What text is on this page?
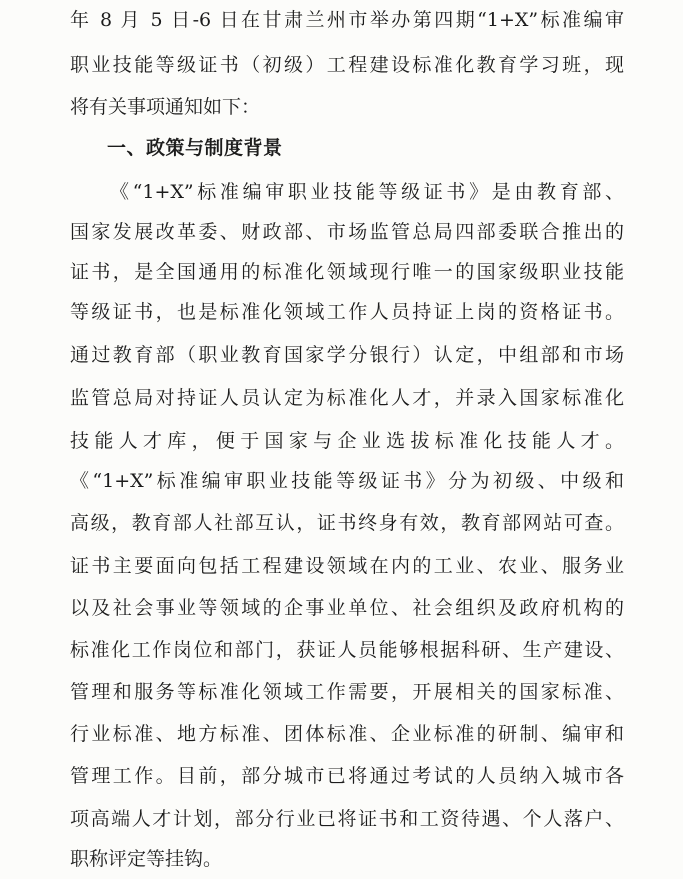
年 8 月 5 日-6 日在甘肃兰州市举办第四期“1+X”标准编审
职业技能等级证书（初级）工程建设标准化教育学习班，现
将有关事项通知如下：
一、政策与制度背景
《“1+X”标准编审职业技能等级证书》是由教育部、
国家发展改革委、财政部、市场监管总局四部委联合推出的
证书，是全国通用的标准化领域现行唯一的国家级职业技能
等级证书，也是标准化领域工作人员持证上岗的资格证书。
通过教育部（职业教育国家学分银行）认定，中组部和市场
监管总局对持证人员认定为标准化人才，并录入国家标准化
技能人才库，便于国家与企业选拔标准化技能人才。
《“1+X”标准编审职业技能等级证书》分为初级、中级和
高级，教育部人社部互认，证书终身有效，教育部网站可查。
证书主要面向包括工程建设领域在内的工业、农业、服务业
以及社会事业等领域的企事业单位、社会组织及政府机构的
标准化工作岗位和部门，获证人员能够根据科研、生产建设、
管理和服务等标准化领域工作需要，开展相关的国家标准、
行业标准、地方标准、团体标准、企业标准的研制、编审和
管理工作。目前，部分城市已将通过考试的人员纳入城市各
项高端人才计划，部分行业已将证书和工资待遇、个人落户、
职称评定等挂钩。
